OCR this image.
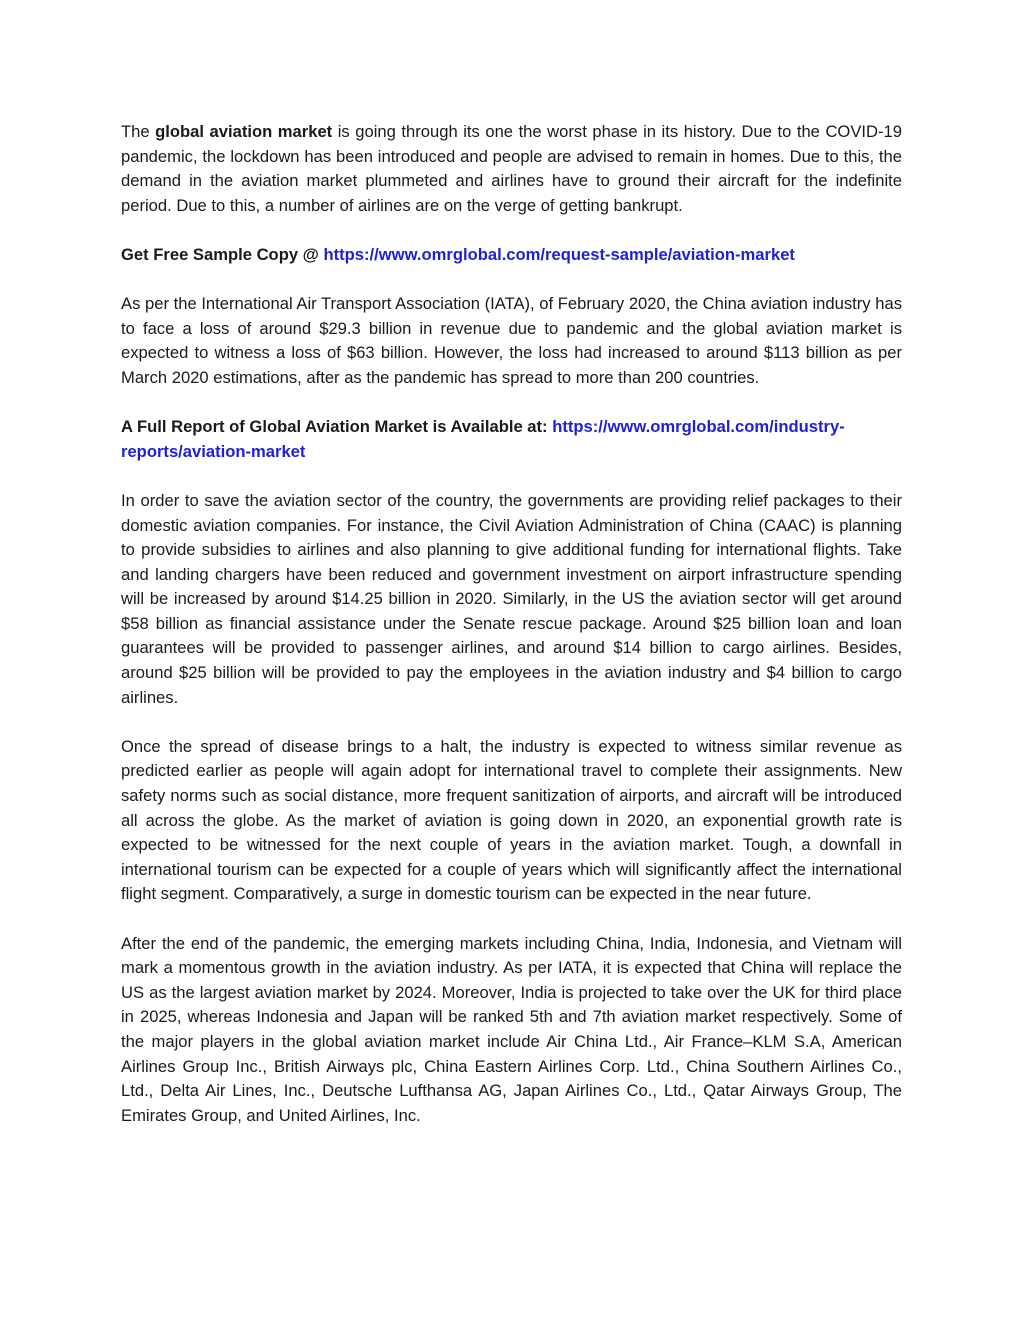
The global aviation market is going through its one the worst phase in its history. Due to the COVID-19 pandemic, the lockdown has been introduced and people are advised to remain in homes. Due to this, the demand in the aviation market plummeted and airlines have to ground their aircraft for the indefinite period. Due to this, a number of airlines are on the verge of getting bankrupt.

Get Free Sample Copy @ https://www.omrglobal.com/request-sample/aviation-market

As per the International Air Transport Association (IATA), of February 2020, the China aviation industry has to face a loss of around $29.3 billion in revenue due to pandemic and the global aviation market is expected to witness a loss of $63 billion. However, the loss had increased to around $113 billion as per March 2020 estimations, after as the pandemic has spread to more than 200 countries.

A Full Report of Global Aviation Market is Available at: https://www.omrglobal.com/industry-reports/aviation-market

In order to save the aviation sector of the country, the governments are providing relief packages to their domestic aviation companies. For instance, the Civil Aviation Administration of China (CAAC) is planning to provide subsidies to airlines and also planning to give additional funding for international flights. Take and landing chargers have been reduced and government investment on airport infrastructure spending will be increased by around $14.25 billion in 2020. Similarly, in the US the aviation sector will get around $58 billion as financial assistance under the Senate rescue package. Around $25 billion loan and loan guarantees will be provided to passenger airlines, and around $14 billion to cargo airlines. Besides, around $25 billion will be provided to pay the employees in the aviation industry and $4 billion to cargo airlines.

Once the spread of disease brings to a halt, the industry is expected to witness similar revenue as predicted earlier as people will again adopt for international travel to complete their assignments. New safety norms such as social distance, more frequent sanitization of airports, and aircraft will be introduced all across the globe. As the market of aviation is going down in 2020, an exponential growth rate is expected to be witnessed for the next couple of years in the aviation market. Tough, a downfall in international tourism can be expected for a couple of years which will significantly affect the international flight segment. Comparatively, a surge in domestic tourism can be expected in the near future.

After the end of the pandemic, the emerging markets including China, India, Indonesia, and Vietnam will mark a momentous growth in the aviation industry. As per IATA, it is expected that China will replace the US as the largest aviation market by 2024. Moreover, India is projected to take over the UK for third place in 2025, whereas Indonesia and Japan will be ranked 5th and 7th aviation market respectively. Some of the major players in the global aviation market include Air China Ltd., Air France–KLM S.A, American Airlines Group Inc., British Airways plc, China Eastern Airlines Corp. Ltd., China Southern Airlines Co., Ltd., Delta Air Lines, Inc., Deutsche Lufthansa AG, Japan Airlines Co., Ltd., Qatar Airways Group, The Emirates Group, and United Airlines, Inc.
